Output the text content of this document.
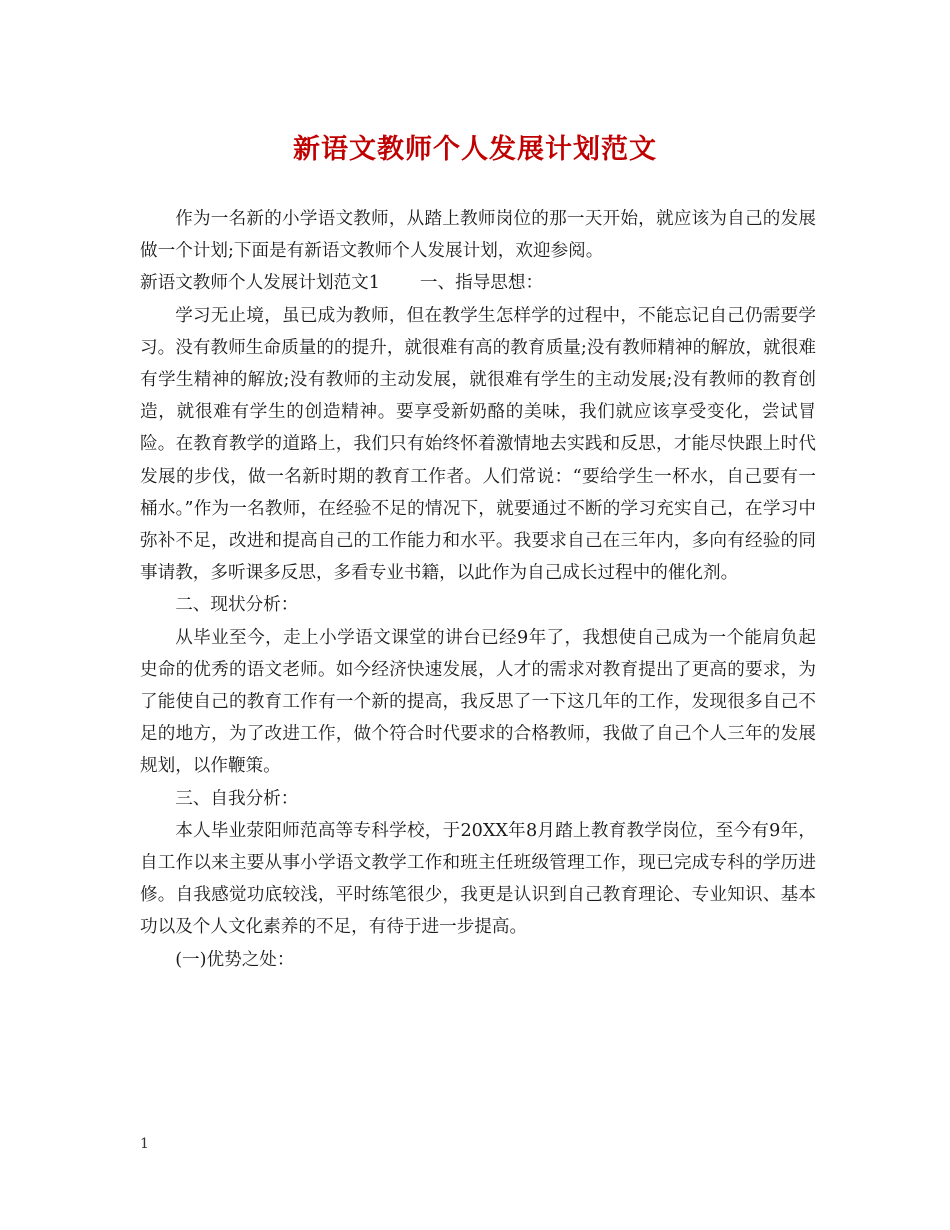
新语文教师个人发展计划范文

作为一名新的小学语文教师，从踏上教师岗位的那一天开始，就应该为自己的发展做一个计划;下面是有新语文教师个人发展计划，欢迎参阅。

新语文教师个人发展计划范文1 一、指导思想：

学习无止境，虽已成为教师，但在教学生怎样学的过程中，不能忘记自己仍需要学习。没有教师生命质量的的提升，就很难有高的教育质量;没有教师精神的解放，就很难有学生精神的解放;没有教师的主动发展，就很难有学生的主动发展;没有教师的教育创造，就很难有学生的创造精神。要享受新奶酪的美味，我们就应该享受变化，尝试冒险。在教育教学的道路上，我们只有始终怀着激情地去实践和反思，才能尽快跟上时代发展的步伐，做一名新时期的教育工作者。人们常说：“要给学生一杯水，自己要有一桶水。”作为一名教师，在经验不足的情况下，就要通过不断的学习充实自己，在学习中弥补不足，改进和提高自己的工作能力和水平。我要求自己在三年内，多向有经验的同事请教，多听课多反思，多看专业书籍，以此作为自己成长过程中的催化剂。

二、现状分析：

从毕业至今，走上小学语文课堂的讲台已经9年了，我想使自己成为一个能肩负起史命的优秀的语文老师。如今经济快速发展，人才的需求对教育提出了更高的要求，为了能使自己的教育工作有一个新的提高，我反思了一下这几年的工作，发现很多自己不足的地方，为了改进工作，做个符合时代要求的合格教师，我做了自己个人三年的发展规划，以作鞭策。

三、自我分析：

本人毕业荥阳师范高等专科学校，于20XX年8月踏上教育教学岗位，至今有9年，自工作以来主要从事小学语文教学工作和班主任班级管理工作，现已完成专科的学历进修。自我感觉功底较浅，平时练笔很少，我更是认识到自己教育理论、专业知识、基本功以及个人文化素养的不足，有待于进一步提高。

(一)优势之处：

1
